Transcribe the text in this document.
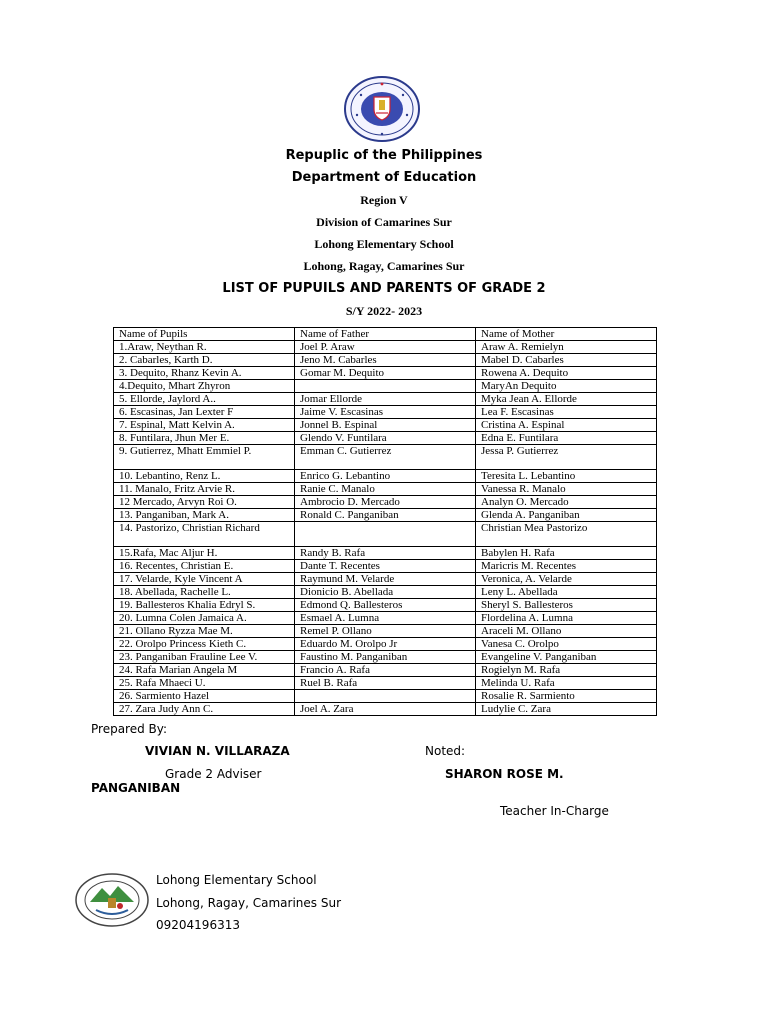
Repuplic of the Philippines
Department of Education
Region V
Division of Camarines Sur
Lohong Elementary School
Lohong, Ragay, Camarines Sur
LIST OF PUPUILS AND PARENTS OF GRADE 2
S/Y 2022- 2023
Name of Pupils	Name of Father	Name of Mother
1.Araw, Neythan R.	Joel P. Araw	Araw A. Remielyn
2. Cabarles, Karth D.	Jeno M. Cabarles	Mabel D. Cabarles
3. Dequito, Rhanz Kevin A.	Gomar M. Dequito	Rowena A. Dequito
4.Dequito, Mhart Zhyron		MaryAn Dequito
5. Ellorde, Jaylord A..	Jomar Ellorde	Myka Jean A. Ellorde
6. Escasinas, Jan Lexter F	Jaime V. Escasinas	Lea F. Escasinas
7. Espinal, Matt Kelvin A.	Jonnel B. Espinal	Cristina A. Espinal
8. Funtilara, Jhun Mer E.	Glendo V. Funtilara	Edna E. Funtilara
9. Gutierrez, Mhatt Emmiel P.	Emman C. Gutierrez	Jessa P. Gutierrez
10. Lebantino, Renz L.	Enrico G. Lebantino	Teresita L. Lebantino
11. Manalo, Fritz Arvie R.	Ranie C. Manalo	Vanessa R. Manalo
12 Mercado, Arvyn Roi O.	Ambrocio D. Mercado	Analyn O. Mercado
13. Panganiban, Mark A.	Ronald C. Panganiban	Glenda A. Panganiban
14. Pastorizo, Christian Richard		Christian Mea Pastorizo
15.Rafa, Mac Aljur H.	Randy B. Rafa	Babylen H. Rafa
16. Recentes, Christian E.	Dante T. Recentes	Maricris M. Recentes
17. Velarde, Kyle Vincent A	Raymund M. Velarde	Veronica, A. Velarde
18. Abellada, Rachelle L.	Dionicio B. Abellada	Leny L. Abellada
19. Ballesteros Khalia Edryl S.	Edmond Q. Ballesteros	Sheryl S. Ballesteros
20. Lumna Colen Jamaica A.	Esmael A. Lumna	Flordelina A. Lumna
21. Ollano Ryzza Mae M.	Remel P. Ollano	Araceli M. Ollano
22. Orolpo Princess Kieth C.	Eduardo M. Orolpo Jr	Vanesa C. Orolpo
23. Panganiban Frauline Lee V.	Faustino M. Panganiban	Evangeline V. Panganiban
24. Rafa Marian Angela M	Francio A. Rafa	Rogielyn M. Rafa
25. Rafa Mhaeci U.	Ruel B. Rafa	Melinda U. Rafa
26. Sarmiento Hazel		Rosalie R. Sarmiento
27. Zara Judy Ann C.	Joel A. Zara	Ludylie C. Zara
Prepared By:
VIVIAN N. VILLARAZA	Noted:
Grade 2 Adviser	SHARON ROSE M.
PANGANIBAN
Teacher In-Charge
Lohong Elementary School
Lohong, Ragay, Camarines Sur
09204196313
